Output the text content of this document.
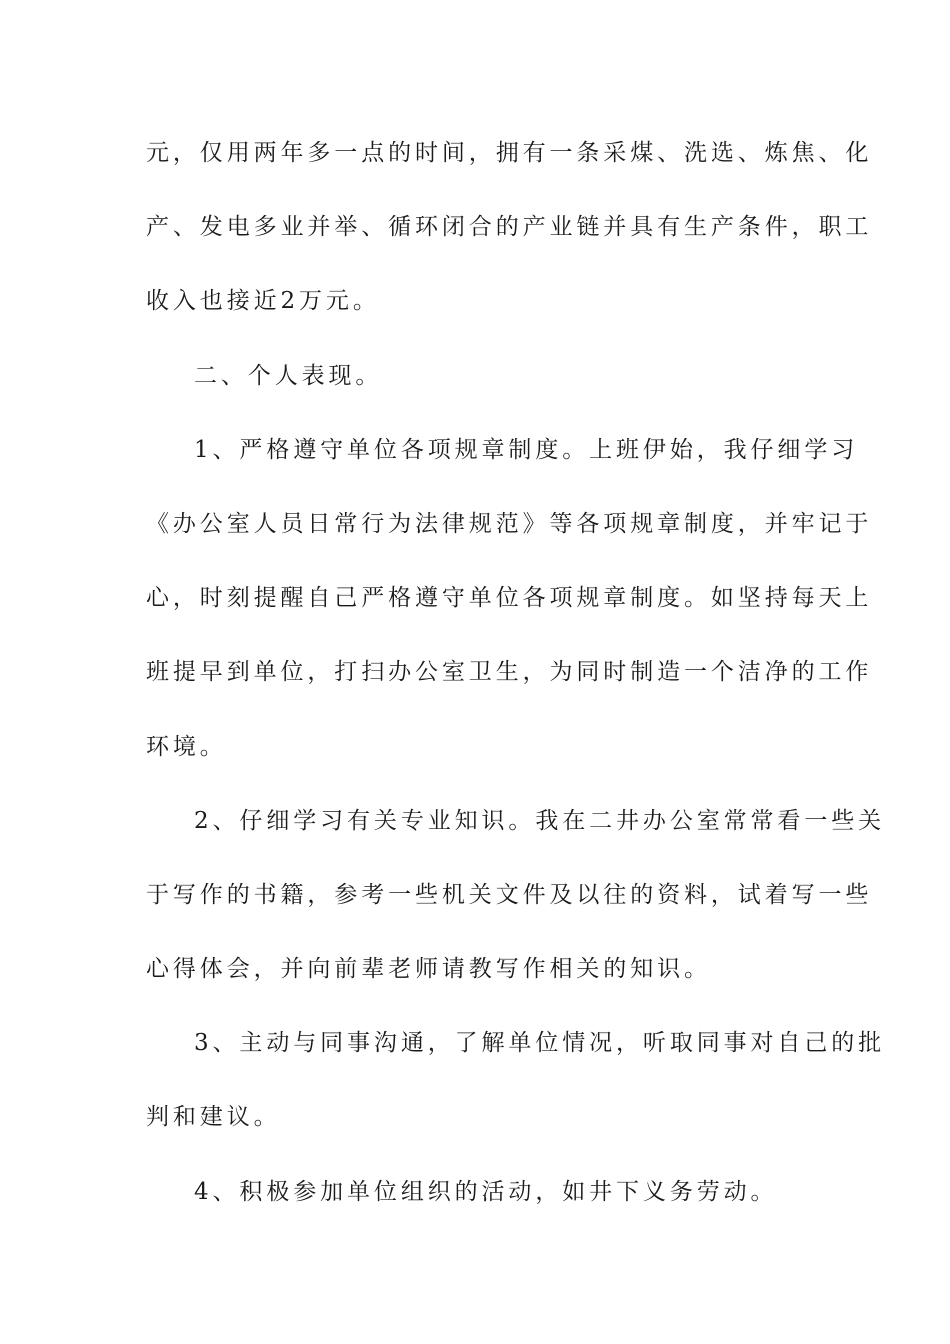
元，仅用两年多一点的时间，拥有一条采煤、洗选、炼焦、化
产、发电多业并举、循环闭合的产业链并具有生产条件，职工
收入也接近2万元。
二、个人表现。
1、严格遵守单位各项规章制度。上班伊始，我仔细学习
《办公室人员日常行为法律规范》等各项规章制度，并牢记于
心，时刻提醒自己严格遵守单位各项规章制度。如坚持每天上
班提早到单位，打扫办公室卫生，为同时制造一个洁净的工作
环境。
2、仔细学习有关专业知识。我在二井办公室常常看一些关
于写作的书籍，参考一些机关文件及以往的资料，试着写一些
心得体会，并向前辈老师请教写作相关的知识。
3、主动与同事沟通，了解单位情况，听取同事对自己的批
判和建议。
4、积极参加单位组织的活动，如井下义务劳动。
